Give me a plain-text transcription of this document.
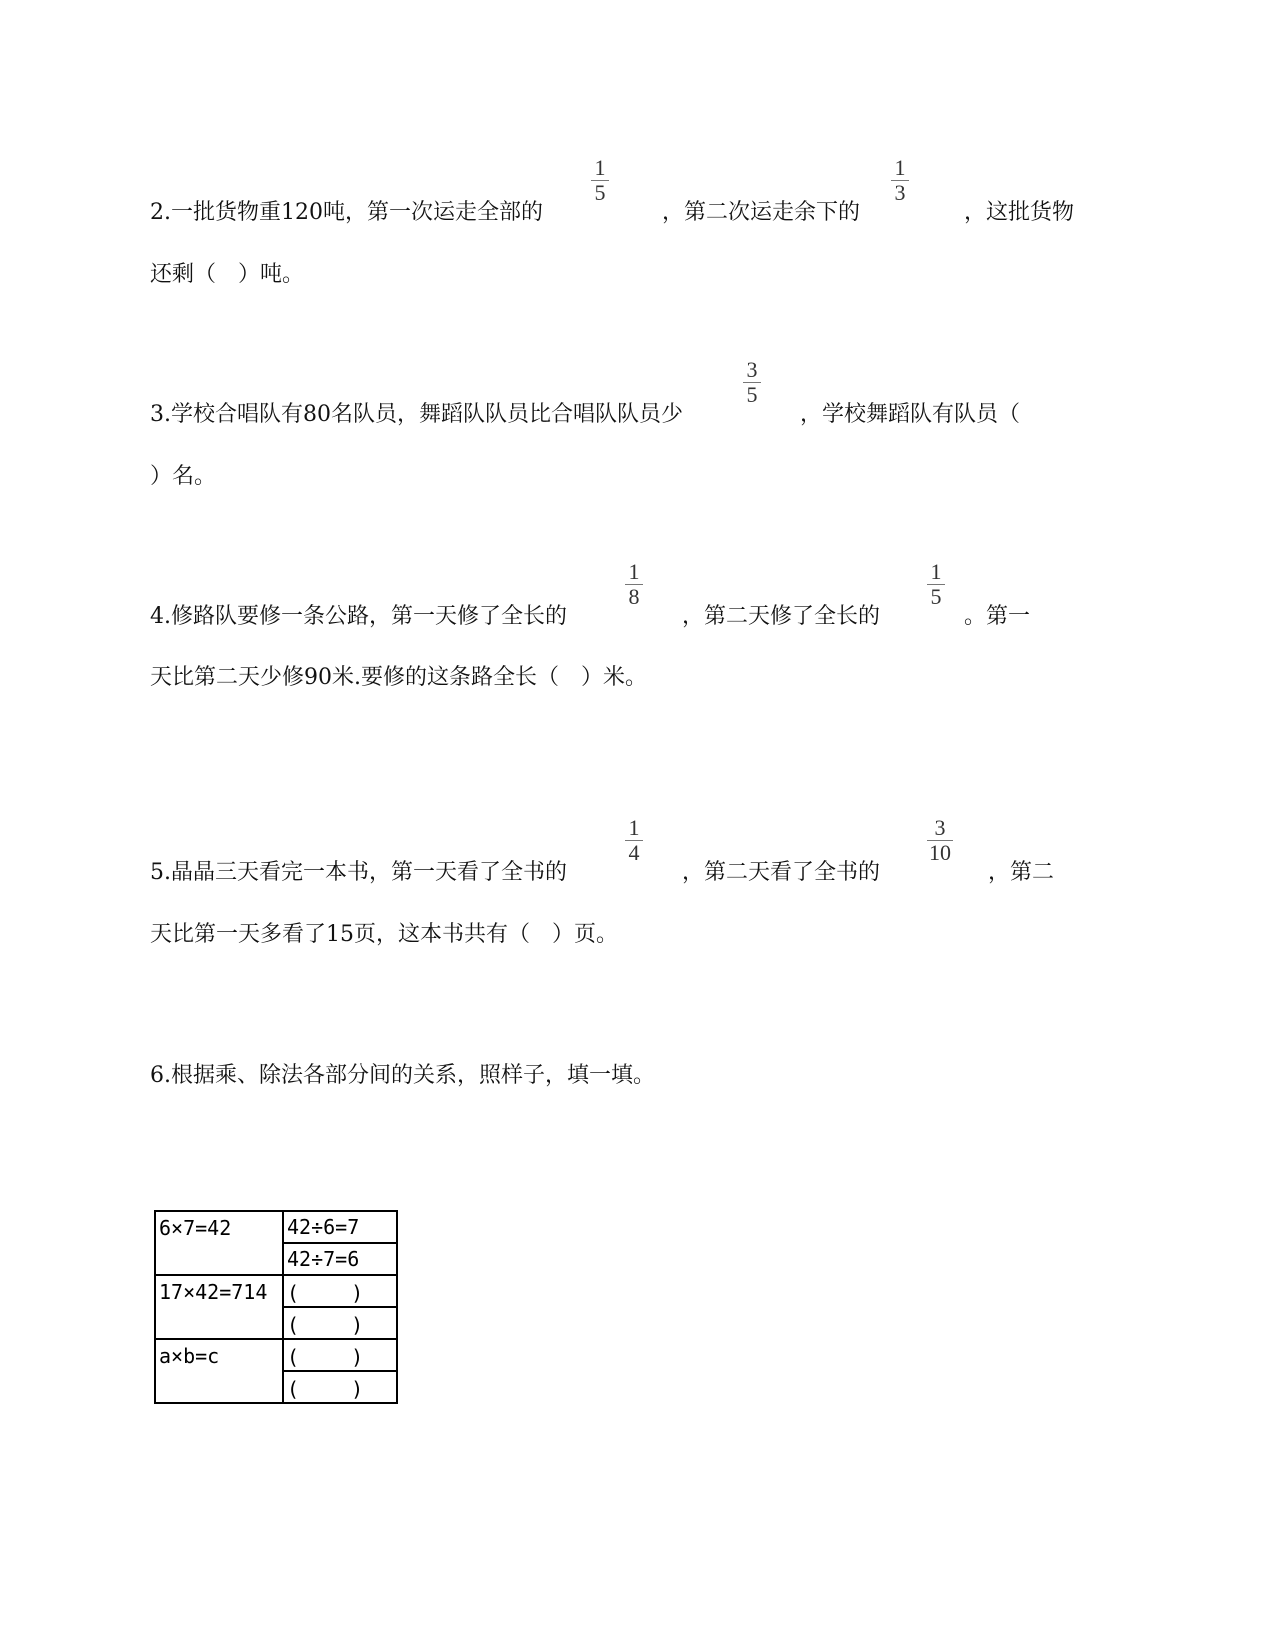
2.一批货物重120吨，第一次运走全部的	，第二次运走余下的	，这批货物
1
5
1
3
还剩（　）吨。
3.学校合唱队有80名队员，舞蹈队队员比合唱队队员少	，学校舞蹈队有队员（
3
5
）名。
4.修路队要修一条公路，第一天修了全长的	，第二天修了全长的	。第一
1
8
1
5
天比第二天少修90米.要修的这条路全长（　）米。
5.晶晶三天看完一本书，第一天看了全书的	，第二天看了全书的	，第二
1
4
3
10
天比第一天多看了15页，这本书共有（　）页。
6.根据乘、除法各部分间的关系，照样子，填一填。
6×7=42	42÷6=7
	42÷7=6
17×42=714	(　　 )
	(　　 )
a×b=c	(　　 )
	(　　 )
